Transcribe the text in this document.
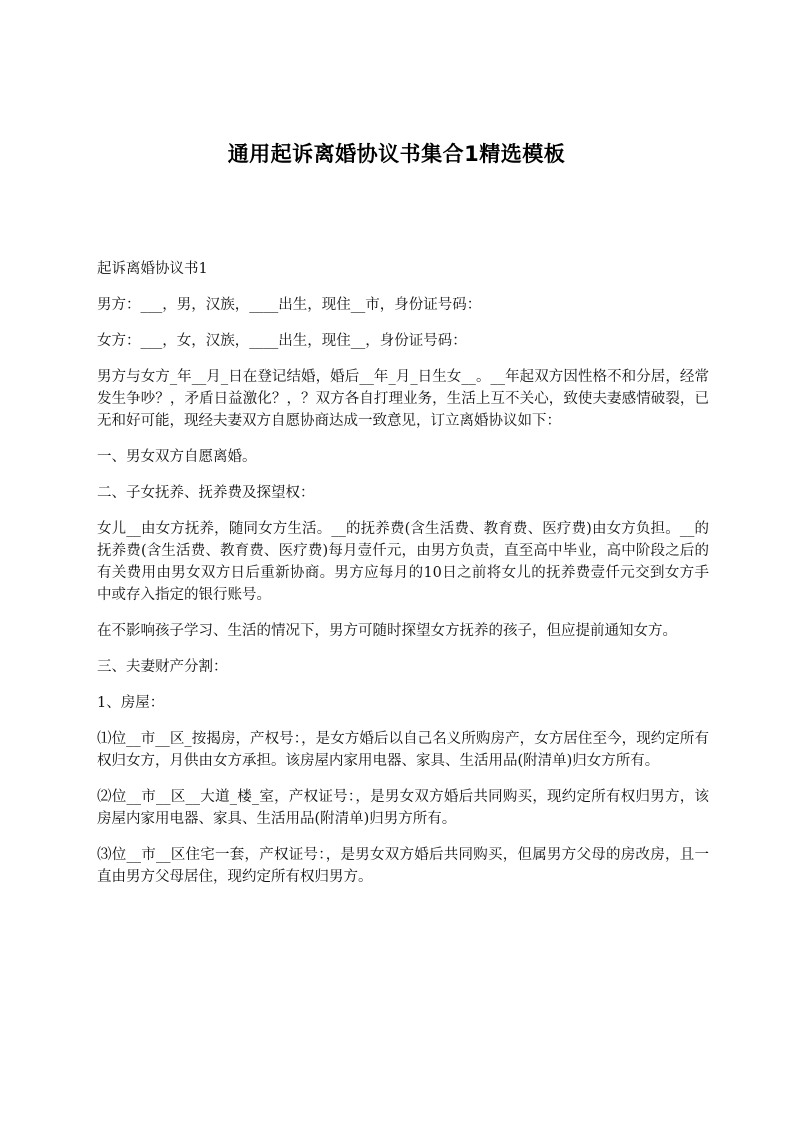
通用起诉离婚协议书集合1精选模板

起诉离婚协议书1

男方：___，男，汉族，____出生，现住__市，身份证号码：

女方：___，女，汉族，____出生，现住__，身份证号码：

男方与女方_年__月_日在登记结婚，婚后__年_月_日生女__。__年起双方因性格不和分居，经常发生争吵？，矛盾日益激化？，？双方各自打理业务，生活上互不关心，致使夫妻感情破裂，已无和好可能，现经夫妻双方自愿协商达成一致意见，订立离婚协议如下：

一、男女双方自愿离婚。

二、子女抚养、抚养费及探望权：

女儿__由女方抚养，随同女方生活。__的抚养费(含生活费、教育费、医疗费)由女方负担。__的抚养费(含生活费、教育费、医疗费)每月壹仟元，由男方负责，直至高中毕业，高中阶段之后的有关费用由男女双方日后重新协商。男方应每月的10日之前将女儿的抚养费壹仟元交到女方手中或存入指定的银行账号。

在不影响孩子学习、生活的情况下，男方可随时探望女方抚养的孩子，但应提前通知女方。

三、夫妻财产分割：

1、房屋：

⑴位__市__区_按揭房，产权号：，是女方婚后以自己名义所购房产，女方居住至今，现约定所有权归女方，月供由女方承担。该房屋内家用电器、家具、生活用品(附清单)归女方所有。

⑵位__市__区__大道_楼_室，产权证号：，是男女双方婚后共同购买，现约定所有权归男方，该房屋内家用电器、家具、生活用品(附清单)归男方所有。

⑶位__市__区住宅一套，产权证号：，是男女双方婚后共同购买，但属男方父母的房改房，且一直由男方父母居住，现约定所有权归男方。
